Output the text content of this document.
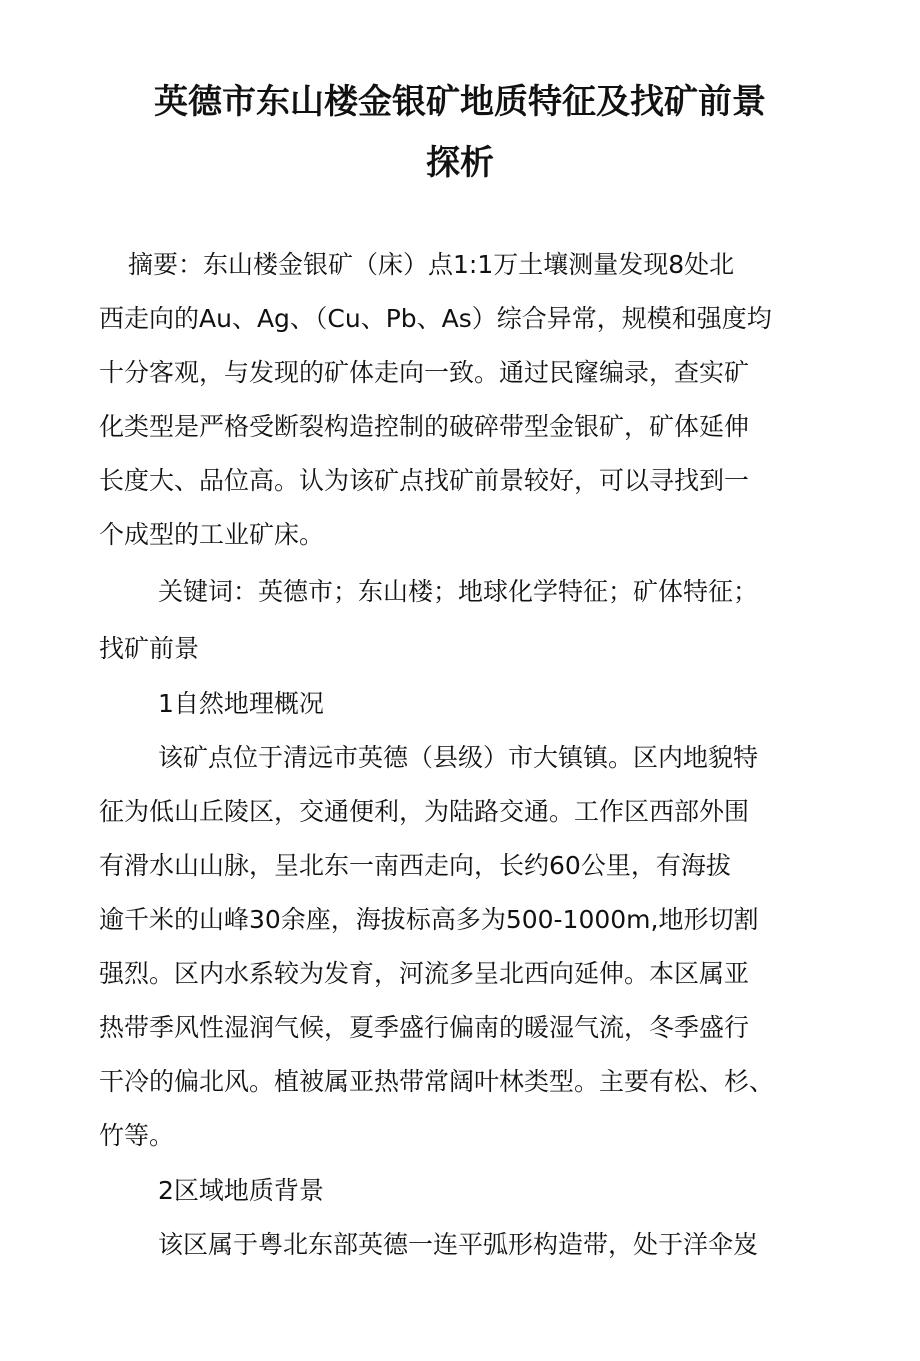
英德市东山楼金银矿地质特征及找矿前景
探析

摘要：东山楼金银矿（床）点1:1万土壤测量发现8处北

西走向的Au、Ag、（Cu、Pb、As）综合异常，规模和强度均

十分客观，与发现的矿体走向一致。通过民窿编录，查实矿

化类型是严格受断裂构造控制的破碎带型金银矿，矿体延伸

长度大、品位高。认为该矿点找矿前景较好，可以寻找到一

个成型的工业矿床。

关键词：英德市；东山楼；地球化学特征；矿体特征；

找矿前景

1自然地理概况

该矿点位于清远市英德（县级）市大镇镇。区内地貌特

征为低山丘陵区，交通便利，为陆路交通。工作区西部外围

有滑水山山脉，呈北东一南西走向，长约60公里，有海拔

逾千米的山峰30余座，海拔标高多为500-1000m,地形切割

强烈。区内水系较为发育，河流多呈北西向延伸。本区属亚

热带季风性湿润气候，夏季盛行偏南的暖湿气流，冬季盛行

干冷的偏北风。植被属亚热带常阔叶林类型。主要有松、杉、

竹等。

2区域地质背景

该区属于粤北东部英德一连平弧形构造带，处于洋伞岌
